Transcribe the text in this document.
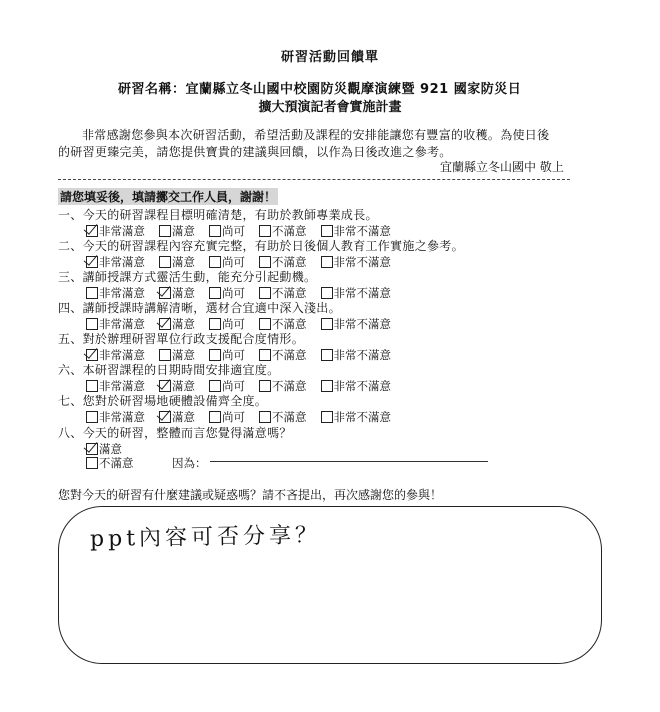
研習活動回饋單
研習名稱：宜蘭縣立冬山國中校園防災觀摩演練暨 921 國家防災日
擴大預演記者會實施計畫
非常感謝您參與本次研習活動，希望活動及課程的安排能讓您有豐富的收穫。為使日後
的研習更臻完美，請您提供寶貴的建議與回饋，以作為日後改進之參考。
宜蘭縣立冬山國中 敬上
請您填妥後，填請擲交工作人員，謝謝！
一、今天的研習課程目標明確清楚，有助於教師專業成長。
非常滿意 滿意 尚可 不滿意 非常不滿意
二、今天的研習課程內容充實完整，有助於日後個人教育工作實施之參考。
非常滿意 滿意 尚可 不滿意 非常不滿意
三、講師授課方式靈活生動，能充分引起動機。
非常滿意 滿意 尚可 不滿意 非常不滿意
四、講師授課時講解清晰，選材合宜適中深入淺出。
非常滿意 滿意 尚可 不滿意 非常不滿意
五、對於辦理研習單位行政支援配合度情形。
非常滿意 滿意 尚可 不滿意 非常不滿意
六、本研習課程的日期時間安排適宜度。
非常滿意 滿意 尚可 不滿意 非常不滿意
七、您對於研習場地硬體設備齊全度。
非常滿意 滿意 尚可 不滿意 非常不滿意
八、今天的研習，整體而言您覺得滿意嗎？
滿意
不滿意	因為：
您對今天的研習有什麼建議或疑惑嗎？請不吝提出，再次感謝您的參與！
ppt內容可否分享？
